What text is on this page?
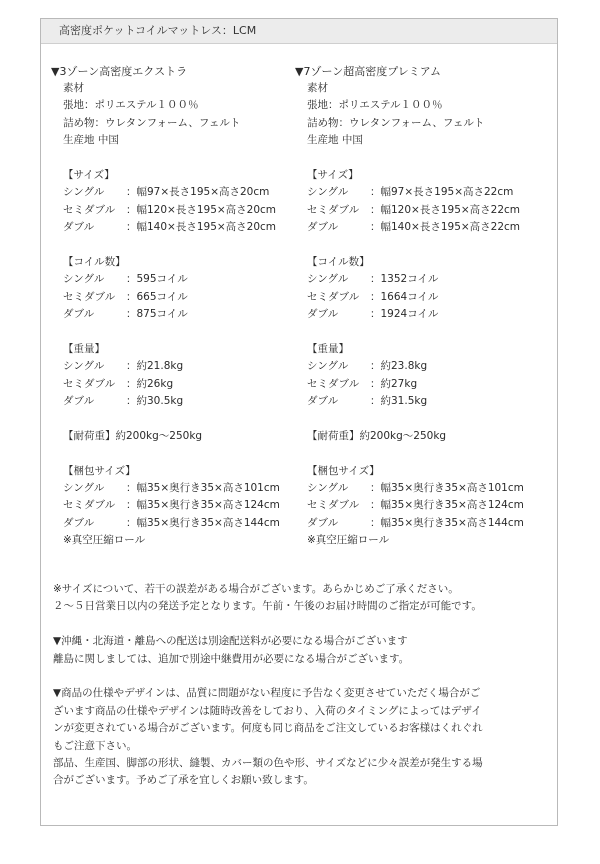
高密度ポケットコイルマットレス：LCM
▼3ゾーン高密度エクストラ
素材
張地：ポリエステル１００％
詰め物：ウレタンフォーム、フェルト
生産地 中国
【サイズ】
シングル	：幅97×長さ195×高さ20cm
セミダブル	：幅120×長さ195×高さ20cm
ダブル	：幅140×長さ195×高さ20cm
【コイル数】
シングル	：595コイル
セミダブル	：665コイル
ダブル	：875コイル
【重量】
シングル	：約21.8kg
セミダブル	：約26kg
ダブル	：約30.5kg
【耐荷重】約200kg～250kg
【梱包サイズ】
シングル	：幅35×奥行き35×高さ101cm
セミダブル	：幅35×奥行き35×高さ124cm
ダブル	：幅35×奥行き35×高さ144cm
※真空圧縮ロール
▼7ゾーン超高密度プレミアム
素材
張地：ポリエステル１００％
詰め物：ウレタンフォーム、フェルト
生産地 中国
【サイズ】
シングル	：幅97×長さ195×高さ22cm
セミダブル	：幅120×長さ195×高さ22cm
ダブル	：幅140×長さ195×高さ22cm
【コイル数】
シングル	：1352コイル
セミダブル	：1664コイル
ダブル	：1924コイル
【重量】
シングル	：約23.8kg
セミダブル	：約27kg
ダブル	：約31.5kg
【耐荷重】約200kg～250kg
【梱包サイズ】
シングル	：幅35×奥行き35×高さ101cm
セミダブル	：幅35×奥行き35×高さ124cm
ダブル	：幅35×奥行き35×高さ144cm
※真空圧縮ロール

※サイズについて、若干の誤差がある場合がございます。あらかじめご了承ください。

２～５日営業日以内の発送予定となります。午前・午後のお届け時間のご指定が可能です。

▼沖縄・北海道・離島への配送は別途配送料が必要になる場合がございます

離島に関しましては、追加で別途中継費用が必要になる場合がございます。

▼商品の仕様やデザインは、品質に問題がない程度に予告なく変更させていただく場合がご

ざいます商品の仕様やデザインは随時改善をしており、入荷のタイミングによってはデザイ

ンが変更されている場合がございます。何度も同じ商品をご注文しているお客様はくれぐれ

もご注意下さい。

部品、生産国、脚部の形状、縫製、カバー類の色や形、サイズなどに少々誤差が発生する場

合がございます。予めご了承を宜しくお願い致します。
